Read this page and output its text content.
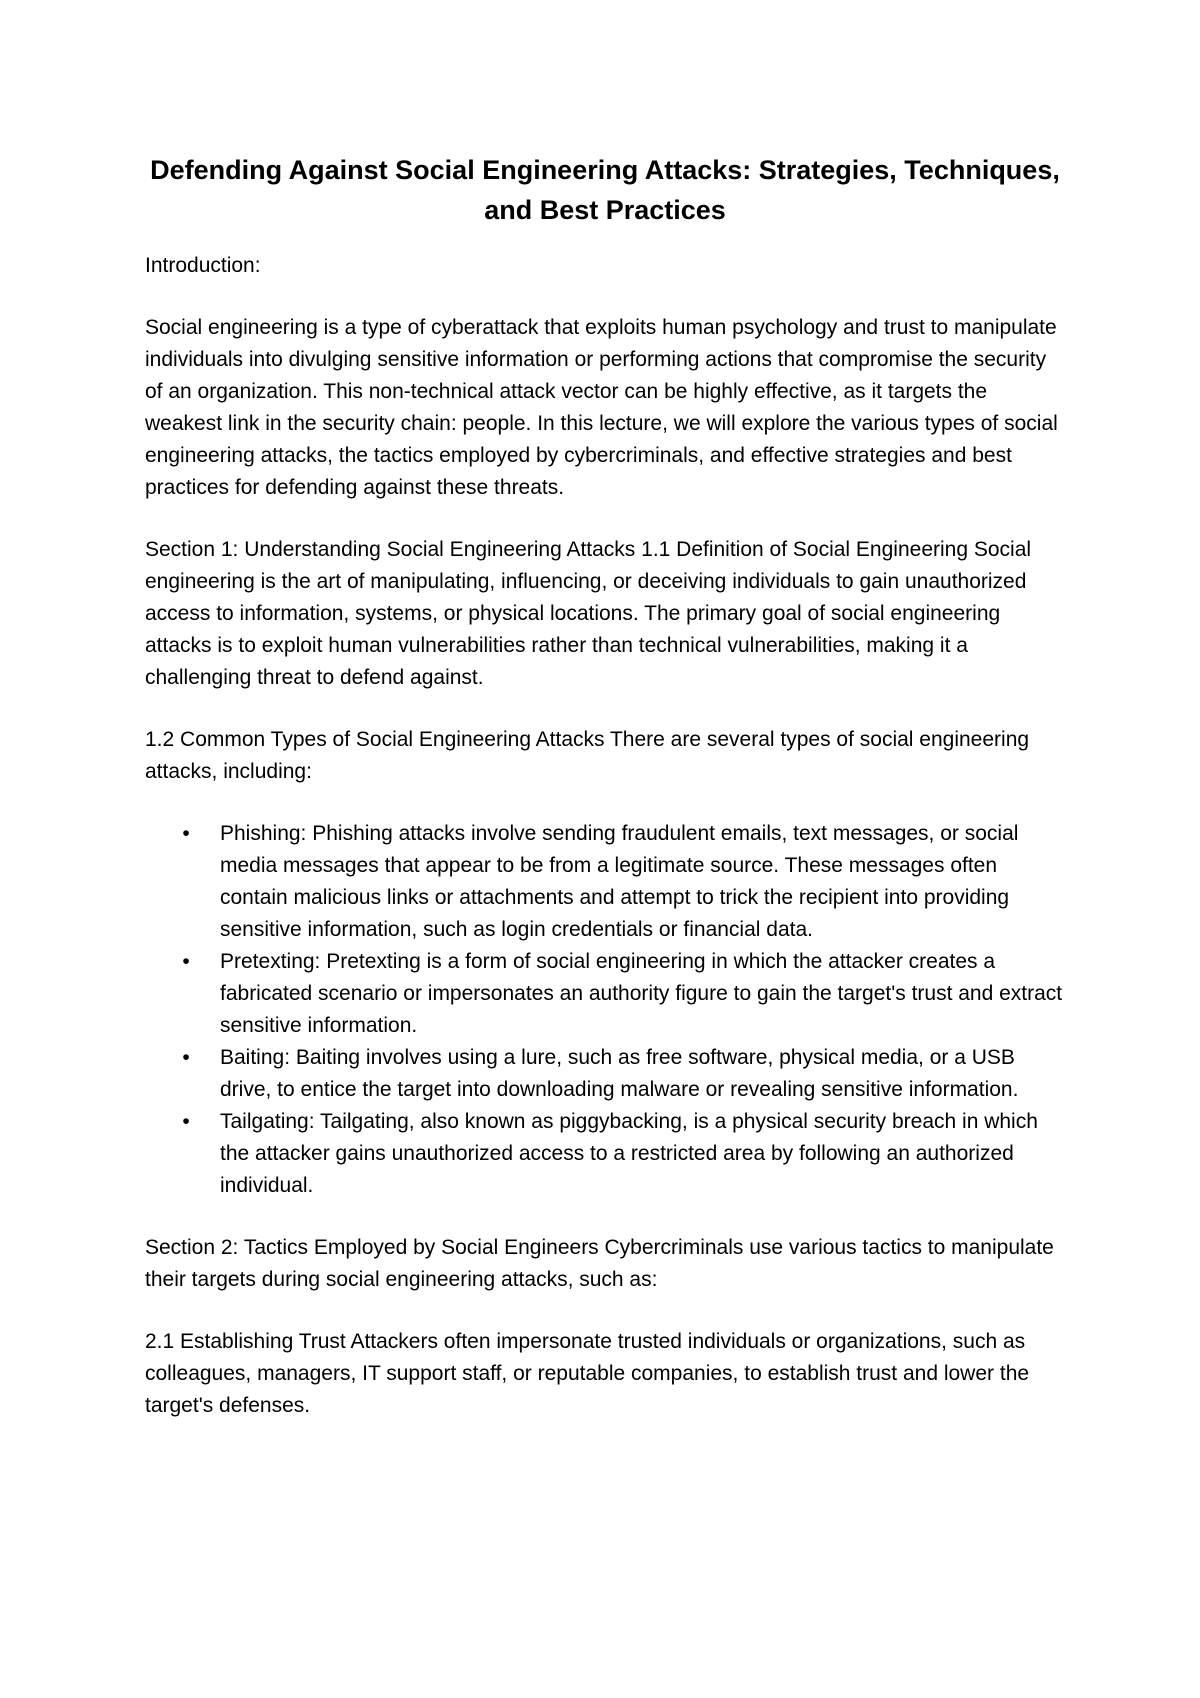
Defending Against Social Engineering Attacks: Strategies, Techniques, and Best Practices

Introduction:

Social engineering is a type of cyberattack that exploits human psychology and trust to manipulate individuals into divulging sensitive information or performing actions that compromise the security of an organization. This non-technical attack vector can be highly effective, as it targets the weakest link in the security chain: people. In this lecture, we will explore the various types of social engineering attacks, the tactics employed by cybercriminals, and effective strategies and best practices for defending against these threats.

Section 1: Understanding Social Engineering Attacks 1.1 Definition of Social Engineering Social engineering is the art of manipulating, influencing, or deceiving individuals to gain unauthorized access to information, systems, or physical locations. The primary goal of social engineering attacks is to exploit human vulnerabilities rather than technical vulnerabilities, making it a challenging threat to defend against.

1.2 Common Types of Social Engineering Attacks There are several types of social engineering attacks, including:

• Phishing: Phishing attacks involve sending fraudulent emails, text messages, or social media messages that appear to be from a legitimate source. These messages often contain malicious links or attachments and attempt to trick the recipient into providing sensitive information, such as login credentials or financial data.
• Pretexting: Pretexting is a form of social engineering in which the attacker creates a fabricated scenario or impersonates an authority figure to gain the target's trust and extract sensitive information.
• Baiting: Baiting involves using a lure, such as free software, physical media, or a USB drive, to entice the target into downloading malware or revealing sensitive information.
• Tailgating: Tailgating, also known as piggybacking, is a physical security breach in which the attacker gains unauthorized access to a restricted area by following an authorized individual.

Section 2: Tactics Employed by Social Engineers Cybercriminals use various tactics to manipulate their targets during social engineering attacks, such as:

2.1 Establishing Trust Attackers often impersonate trusted individuals or organizations, such as colleagues, managers, IT support staff, or reputable companies, to establish trust and lower the target's defenses.
